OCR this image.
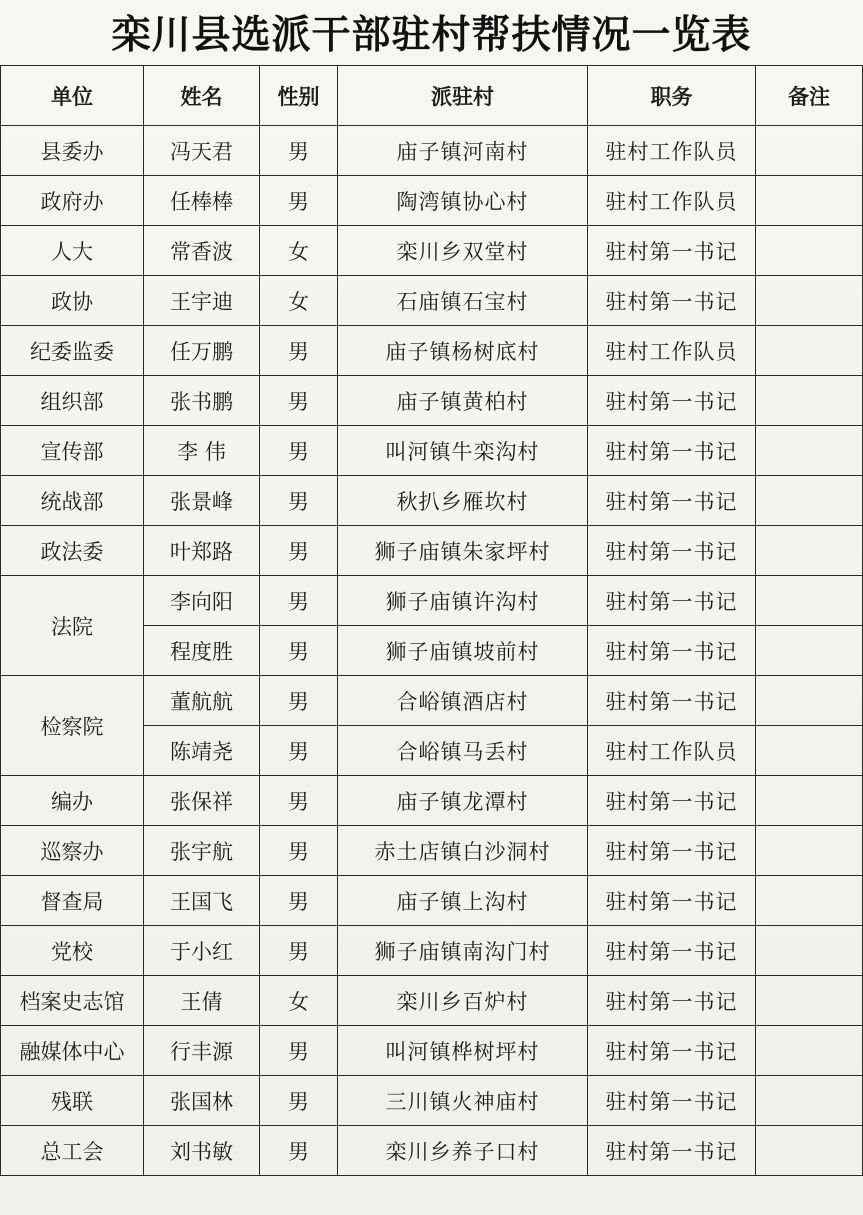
栾川县选派干部驻村帮扶情况一览表
单位	姓名	性别	派驻村	职务	备注
县委办	冯天君	男	庙子镇河南村	驻村工作队员	
政府办	任棒棒	男	陶湾镇协心村	驻村工作队员	
人大	常香波	女	栾川乡双堂村	驻村第一书记	
政协	王宇迪	女	石庙镇石宝村	驻村第一书记	
纪委监委	任万鹏	男	庙子镇杨树底村	驻村工作队员	
组织部	张书鹏	男	庙子镇黄柏村	驻村第一书记	
宣传部	李 伟	男	叫河镇牛栾沟村	驻村第一书记	
统战部	张景峰	男	秋扒乡雁坎村	驻村第一书记	
政法委	叶郑路	男	狮子庙镇朱家坪村	驻村第一书记	
法院	李向阳	男	狮子庙镇许沟村	驻村第一书记	
	程度胜	男	狮子庙镇坡前村	驻村第一书记	
检察院	董航航	男	合峪镇酒店村	驻村第一书记	
	陈靖尧	男	合峪镇马丢村	驻村工作队员	
编办	张保祥	男	庙子镇龙潭村	驻村第一书记	
巡察办	张宇航	男	赤土店镇白沙洞村	驻村第一书记	
督查局	王国飞	男	庙子镇上沟村	驻村第一书记	
党校	于小红	男	狮子庙镇南沟门村	驻村第一书记	
档案史志馆	王倩	女	栾川乡百炉村	驻村第一书记	
融媒体中心	行丰源	男	叫河镇桦树坪村	驻村第一书记	
残联	张国林	男	三川镇火神庙村	驻村第一书记	
总工会	刘书敏	男	栾川乡养子口村	驻村第一书记	
